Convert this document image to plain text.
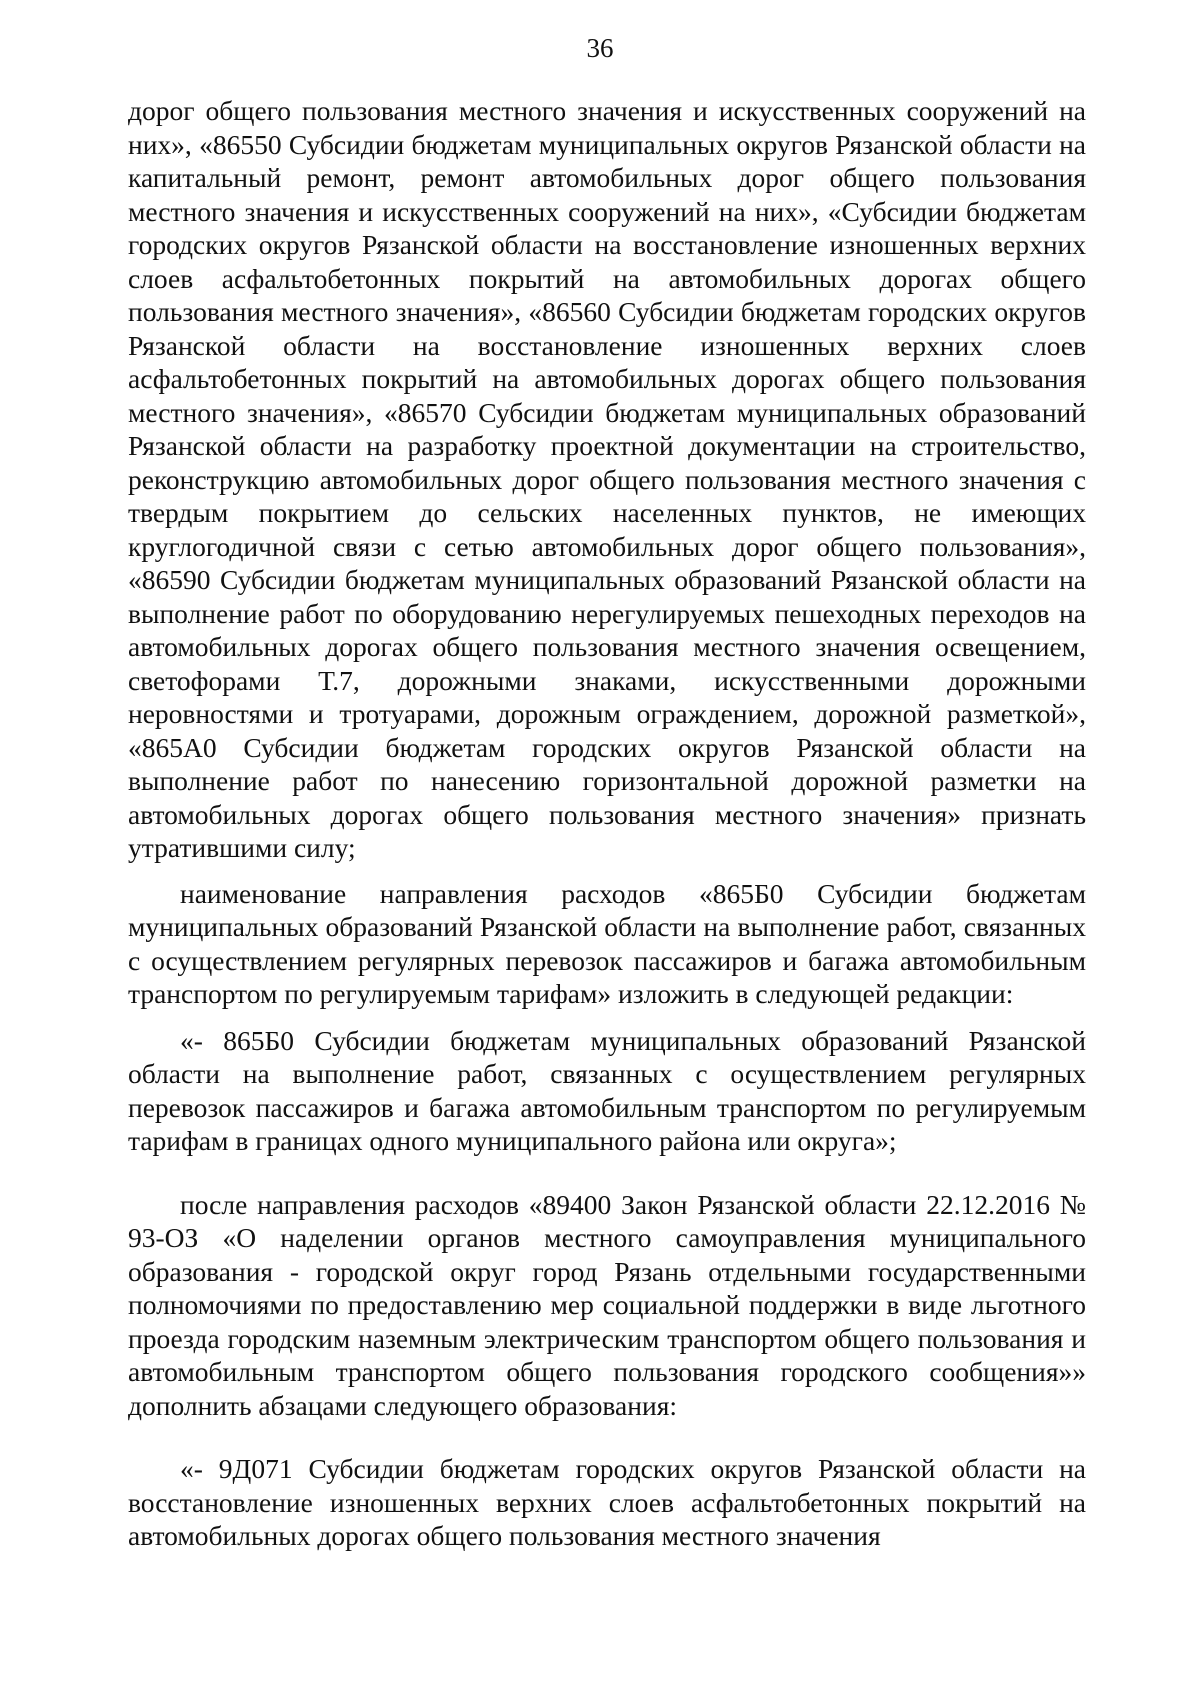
36

дорог общего пользования местного значения и искусственных сооружений на них», «86550 Субсидии бюджетам муниципальных округов Рязанской области на капитальный ремонт, ремонт автомобильных дорог общего пользования местного значения и искусственных сооружений на них», «Субсидии бюджетам городских округов Рязанской области на восстановление изношенных верхних слоев асфальтобетонных покрытий на автомобильных дорогах общего пользования местного значения», «86560 Субсидии бюджетам городских округов Рязанской области на восстановление изношенных верхних слоев асфальтобетонных покрытий на автомобильных дорогах общего пользования местного значения», «86570 Субсидии бюджетам муниципальных образований Рязанской области на разработку проектной документации на строительство, реконструкцию автомобильных дорог общего пользования местного значения с твердым покрытием до сельских населенных пунктов, не имеющих круглогодичной связи с сетью автомобильных дорог общего пользования», «86590 Субсидии бюджетам муниципальных образований Рязанской области на выполнение работ по оборудованию нерегулируемых пешеходных переходов на автомобильных дорогах общего пользования местного значения освещением, светофорами Т.7, дорожными знаками, искусственными дорожными неровностями и тротуарами, дорожным ограждением, дорожной разметкой», «865А0 Субсидии бюджетам городских округов Рязанской области на выполнение работ по нанесению горизонтальной дорожной разметки на автомобильных дорогах общего пользования местного значения» признать утратившими силу;

наименование направления расходов «865Б0 Субсидии бюджетам муниципальных образований Рязанской области на выполнение работ, связанных с осуществлением регулярных перевозок пассажиров и багажа автомобильным транспортом по регулируемым тарифам» изложить в следующей редакции:

«- 865Б0 Субсидии бюджетам муниципальных образований Рязанской области на выполнение работ, связанных с осуществлением регулярных перевозок пассажиров и багажа автомобильным транспортом по регулируемым тарифам в границах одного муниципального района или округа»;

после направления расходов «89400 Закон Рязанской области 22.12.2016 № 93-ОЗ «О наделении органов местного самоуправления муниципального образования - городской округ город Рязань отдельными государственными полномочиями по предоставлению мер социальной поддержки в виде льготного проезда городским наземным электрическим транспортом общего пользования и автомобильным транспортом общего пользования городского сообщения»» дополнить абзацами следующего образования:

«- 9Д071 Субсидии бюджетам городских округов Рязанской области на восстановление изношенных верхних слоев асфальтобетонных покрытий на автомобильных дорогах общего пользования местного значения
